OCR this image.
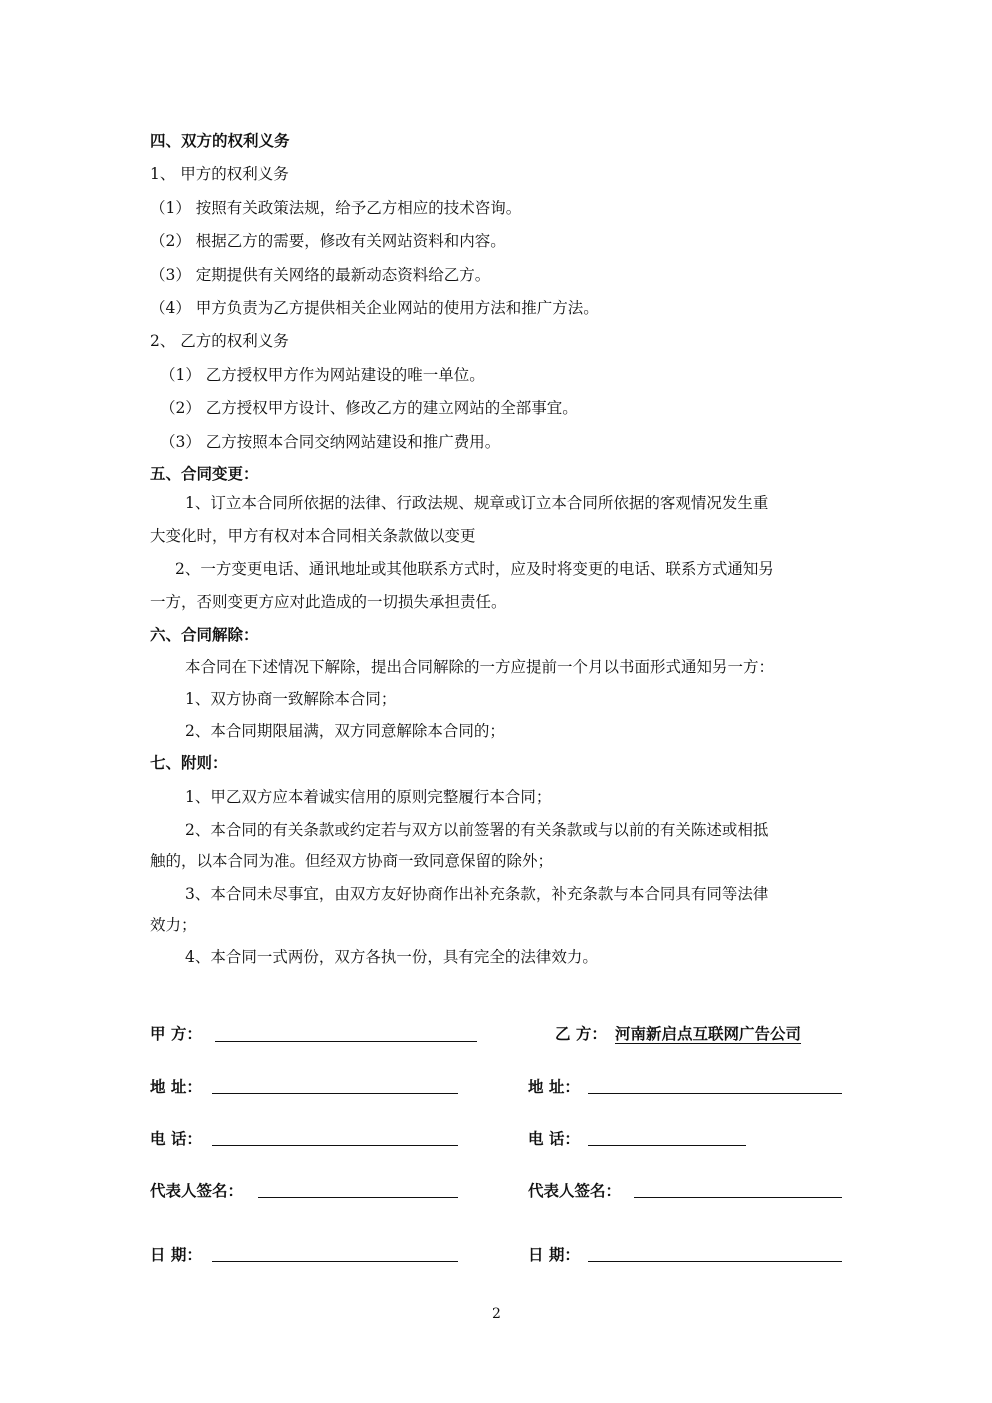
四、双方的权利义务
1、 甲方的权利义务
（1） 按照有关政策法规，给予乙方相应的技术咨询。
（2） 根据乙方的需要，修改有关网站资料和内容。
（3） 定期提供有关网络的最新动态资料给乙方。
（4） 甲方负责为乙方提供相关企业网站的使用方法和推广方法。
2、 乙方的权利义务
（1） 乙方授权甲方作为网站建设的唯一单位。
（2） 乙方授权甲方设计、修改乙方的建立网站的全部事宜。
（3） 乙方按照本合同交纳网站建设和推广费用。
五、合同变更：
1、订立本合同所依据的法律、行政法规、规章或订立本合同所依据的客观情况发生重
大变化时，甲方有权对本合同相关条款做以变更
2、一方变更电话、通讯地址或其他联系方式时，应及时将变更的电话、联系方式通知另
一方，否则变更方应对此造成的一切损失承担责任。
六、合同解除：
本合同在下述情况下解除，提出合同解除的一方应提前一个月以书面形式通知另一方：
1、双方协商一致解除本合同；
2、本合同期限届满，双方同意解除本合同的；
七、附则：
1、甲乙双方应本着诚实信用的原则完整履行本合同；
2、本合同的有关条款或约定若与双方以前签署的有关条款或与以前的有关陈述或相抵
触的，以本合同为准。但经双方协商一致同意保留的除外；
3、本合同未尽事宜，由双方友好协商作出补充条款，补充条款与本合同具有同等法律
效力；
4、本合同一式两份，双方各执一份，具有完全的法律效力。
甲 方：	乙 方： 河南新启点互联网广告公司
地 址：	地 址：
电 话：	电 话：
代表人签名：	代表人签名：
日 期：	日 期：
2
